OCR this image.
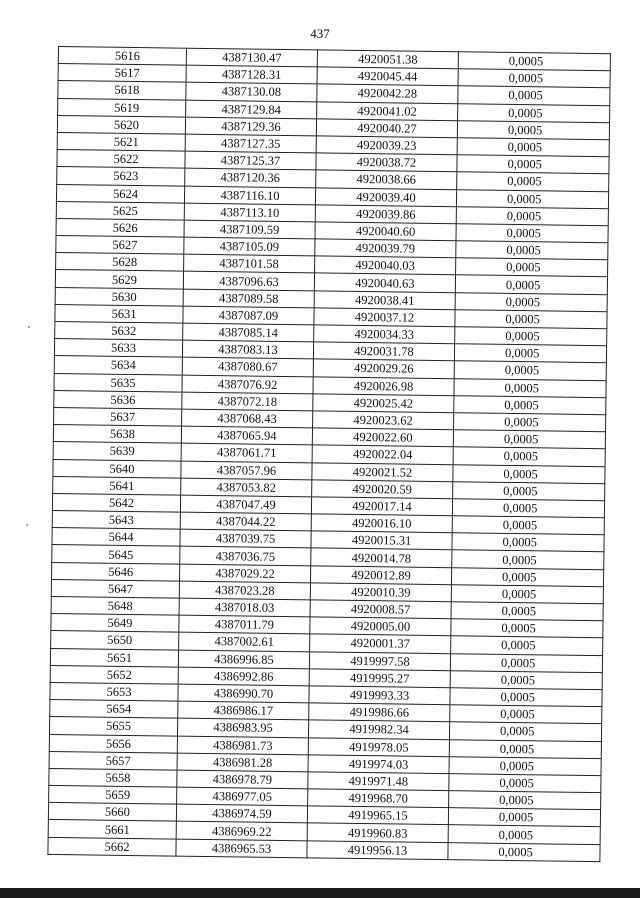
437
5616	4387130.47	4920051.38	0,0005
5617	4387128.31	4920045.44	0,0005
5618	4387130.08	4920042.28	0,0005
5619	4387129.84	4920041.02	0,0005
5620	4387129.36	4920040.27	0,0005
5621	4387127.35	4920039.23	0,0005
5622	4387125.37	4920038.72	0,0005
5623	4387120.36	4920038.66	0,0005
5624	4387116.10	4920039.40	0,0005
5625	4387113.10	4920039.86	0,0005
5626	4387109.59	4920040.60	0,0005
5627	4387105.09	4920039.79	0,0005
5628	4387101.58	4920040.03	0,0005
5629	4387096.63	4920040.63	0,0005
5630	4387089.58	4920038.41	0,0005
5631	4387087.09	4920037.12	0,0005
5632	4387085.14	4920034.33	0,0005
5633	4387083.13	4920031.78	0,0005
5634	4387080.67	4920029.26	0,0005
5635	4387076.92	4920026.98	0,0005
5636	4387072.18	4920025.42	0,0005
5637	4387068.43	4920023.62	0,0005
5638	4387065.94	4920022.60	0,0005
5639	4387061.71	4920022.04	0,0005
5640	4387057.96	4920021.52	0,0005
5641	4387053.82	4920020.59	0,0005
5642	4387047.49	4920017.14	0,0005
5643	4387044.22	4920016.10	0,0005
5644	4387039.75	4920015.31	0,0005
5645	4387036.75	4920014.78	0,0005
5646	4387029.22	4920012.89	0,0005
5647	4387023.28	4920010.39	0,0005
5648	4387018.03	4920008.57	0,0005
5649	4387011.79	4920005.00	0,0005
5650	4387002.61	4920001.37	0,0005
5651	4386996.85	4919997.58	0,0005
5652	4386992.86	4919995.27	0,0005
5653	4386990.70	4919993.33	0,0005
5654	4386986.17	4919986.66	0,0005
5655	4386983.95	4919982.34	0,0005
5656	4386981.73	4919978.05	0,0005
5657	4386981.28	4919974.03	0,0005
5658	4386978.79	4919971.48	0,0005
5659	4386977.05	4919968.70	0,0005
5660	4386974.59	4919965.15	0,0005
5661	4386969.22	4919960.83	0,0005
5662	4386965.53	4919956.13	0,0005
